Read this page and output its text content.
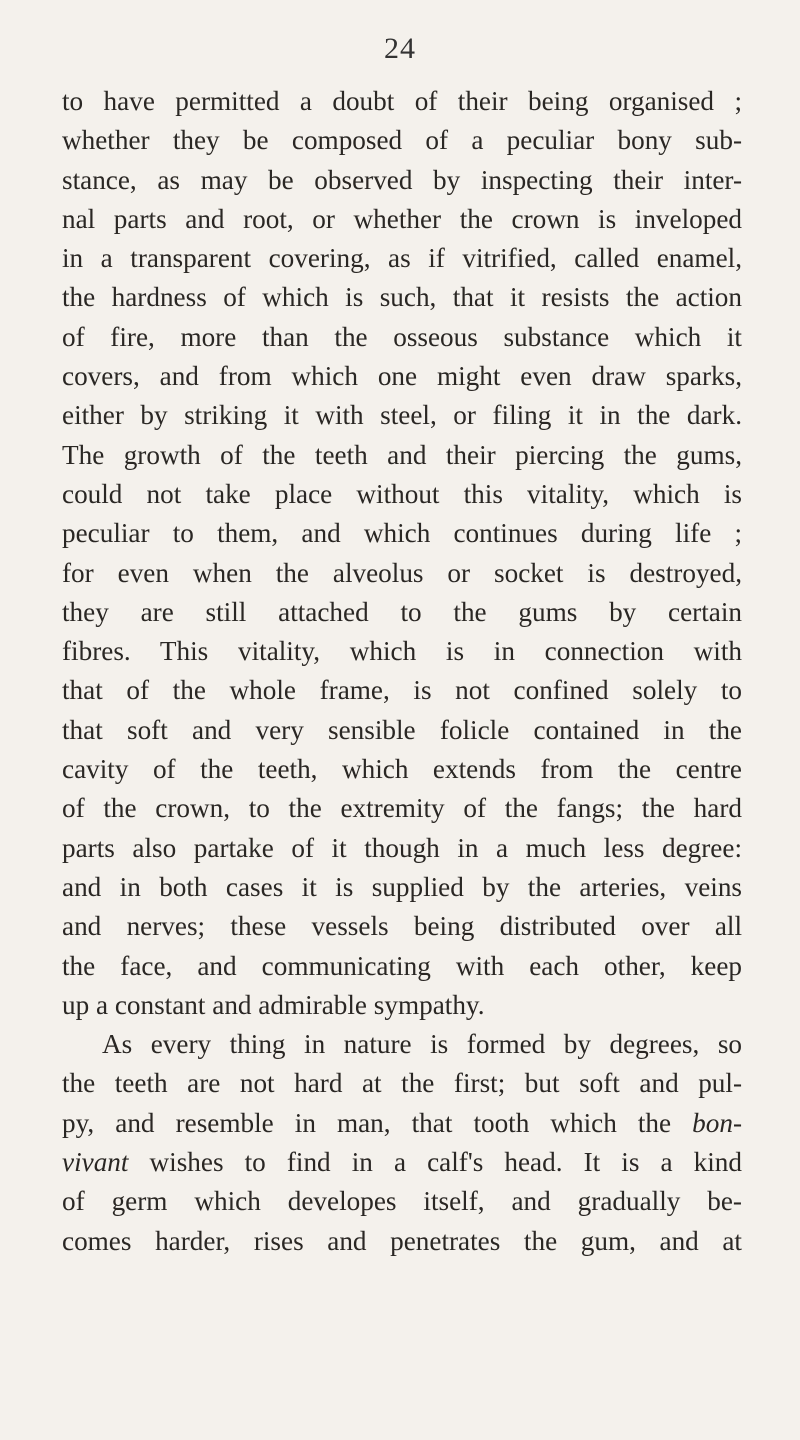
24
to have permitted a doubt of their being organised ;
whether they be composed of a peculiar bony sub-
stance, as may be observed by inspecting their inter-
nal parts and root, or whether the crown is inveloped
in a transparent covering, as if vitrified, called enamel,
the hardness of which is such, that it resists the action
of fire, more than the osseous substance which it
covers, and from which one might even draw sparks,
either by striking it with steel, or filing it in the dark.
The growth of the teeth and their piercing the gums,
could not take place without this vitality, which is
peculiar to them, and which continues during life ;
for even when the alveolus or socket is destroyed,
they are still attached to the gums by certain
fibres. This vitality, which is in connection with
that of the whole frame, is not confined solely to
that soft and very sensible folicle contained in the
cavity of the teeth, which extends from the centre
of the crown, to the extremity of the fangs; the hard
parts also partake of it though in a much less degree:
and in both cases it is supplied by the arteries, veins
and nerves; these vessels being distributed over all
the face, and communicating with each other, keep
up a constant and admirable sympathy.
As every thing in nature is formed by degrees, so
the teeth are not hard at the first; but soft and pul-
py, and resemble in man, that tooth which the bon-
vivant wishes to find in a calf's head. It is a kind
of germ which developes itself, and gradually be-
comes harder, rises and penetrates the gum, and at
